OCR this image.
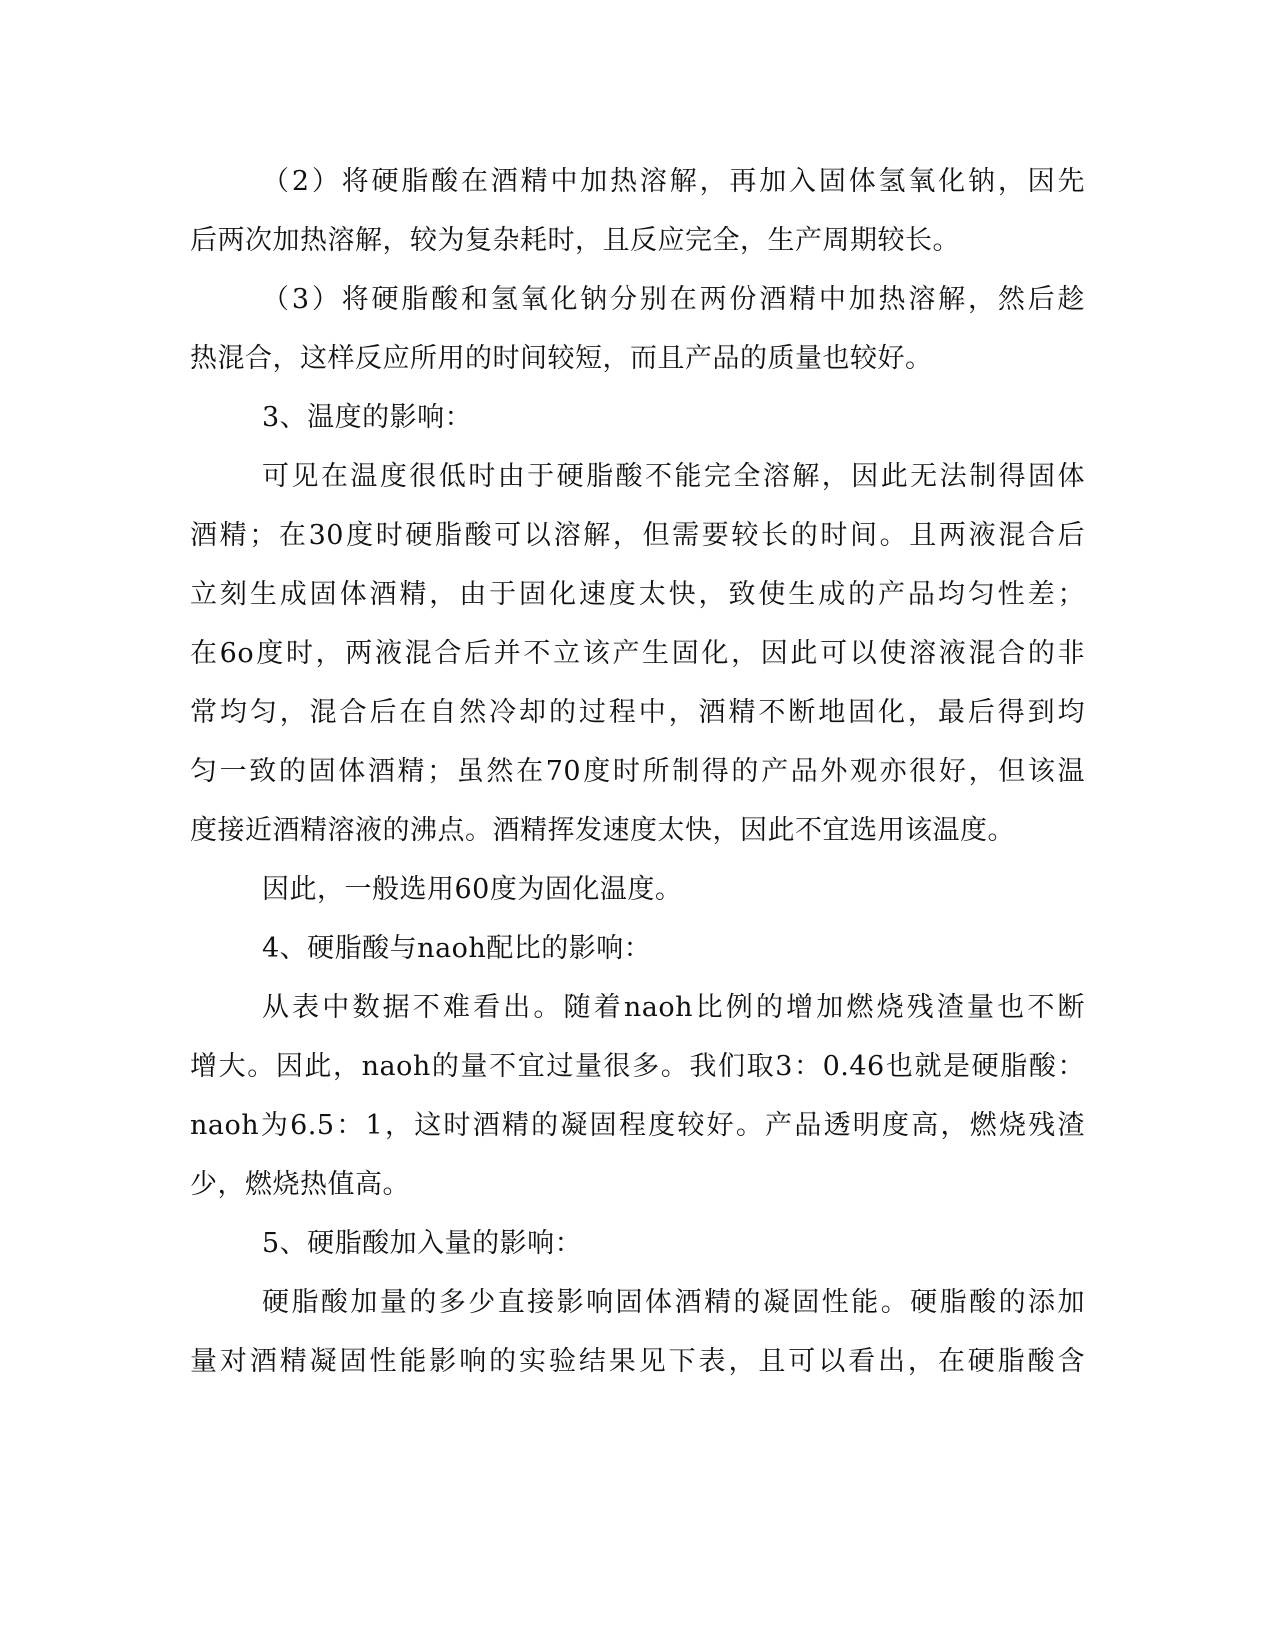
（2）将硬脂酸在酒精中加热溶解，再加入固体氢氧化钠，因先
后两次加热溶解，较为复杂耗时，且反应完全，生产周期较长。
（3）将硬脂酸和氢氧化钠分别在两份酒精中加热溶解，然后趁
热混合，这样反应所用的时间较短，而且产品的质量也较好。
3、温度的影响：
可见在温度很低时由于硬脂酸不能完全溶解，因此无法制得固体
酒精；在30度时硬脂酸可以溶解，但需要较长的时间。且两液混合后
立刻生成固体酒精，由于固化速度太快，致使生成的产品均匀性差；
在6o度时，两液混合后并不立该产生固化，因此可以使溶液混合的非
常均匀，混合后在自然冷却的过程中，酒精不断地固化，最后得到均
匀一致的固体酒精；虽然在70度时所制得的产品外观亦很好，但该温
度接近酒精溶液的沸点。酒精挥发速度太快，因此不宜选用该温度。
因此，一般选用60度为固化温度。
4、硬脂酸与naoh配比的影响：
从表中数据不难看出。随着naoh比例的增加燃烧残渣量也不断
增大。因此，naoh的量不宜过量很多。我们取3：0.46也就是硬脂酸：
naoh为6.5：1，这时酒精的凝固程度较好。产品透明度高，燃烧残渣
少，燃烧热值高。
5、硬脂酸加入量的影响：
硬脂酸加量的多少直接影响固体酒精的凝固性能。硬脂酸的添加
量对酒精凝固性能影响的实验结果见下表，且可以看出，在硬脂酸含
